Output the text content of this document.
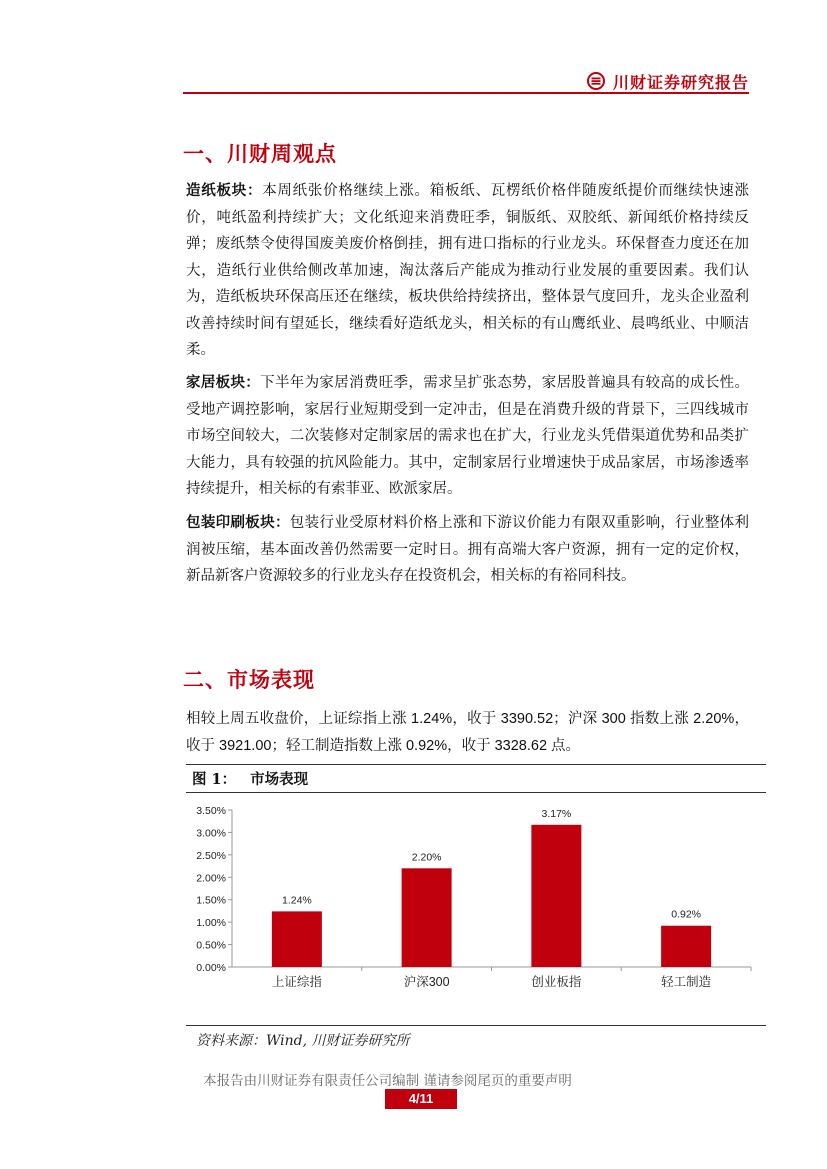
川财证券研究报告
一、川财周观点

造纸板块：本周纸张价格继续上涨。箱板纸、瓦楞纸价格伴随废纸提价而继续快速涨价，吨纸盈利持续扩大；文化纸迎来消费旺季，铜版纸、双胶纸、新闻纸价格持续反弹；废纸禁令使得国废美废价格倒挂，拥有进口指标的行业龙头。环保督查力度还在加大，造纸行业供给侧改革加速，淘汰落后产能成为推动行业发展的重要因素。我们认为，造纸板块环保高压还在继续，板块供给持续挤出，整体景气度回升，龙头企业盈利改善持续时间有望延长，继续看好造纸龙头，相关标的有山鹰纸业、晨鸣纸业、中顺洁柔。

家居板块：下半年为家居消费旺季，需求呈扩张态势，家居股普遍具有较高的成长性。受地产调控影响，家居行业短期受到一定冲击，但是在消费升级的背景下，三四线城市市场空间较大，二次装修对定制家居的需求也在扩大，行业龙头凭借渠道优势和品类扩大能力，具有较强的抗风险能力。其中，定制家居行业增速快于成品家居，市场渗透率持续提升，相关标的有索菲亚、欧派家居。

包装印刷板块：包装行业受原材料价格上涨和下游议价能力有限双重影响，行业整体利润被压缩，基本面改善仍然需要一定时日。拥有高端大客户资源，拥有一定的定价权，新品新客户资源较多的行业龙头存在投资机会，相关标的有裕同科技。

二、市场表现

相较上周五收盘价，上证综指上涨 1.24%，收于 3390.52；沪深 300 指数上涨 2.20%，收于 3921.00；轻工制造指数上涨 0.92%，收于 3328.62 点。

图 1： 市场表现
0.00%
0.50%
1.00%
1.50%
2.00%
2.50%
3.00%
3.50%
1.24%
上证综指
2.20%
沪深300
3.17%
创业板指
0.92%
轻工制造
资料来源：Wind, 川财证券研究所
本报告由川财证券有限责任公司编制 谨请参阅尾页的重要声明
4/11
